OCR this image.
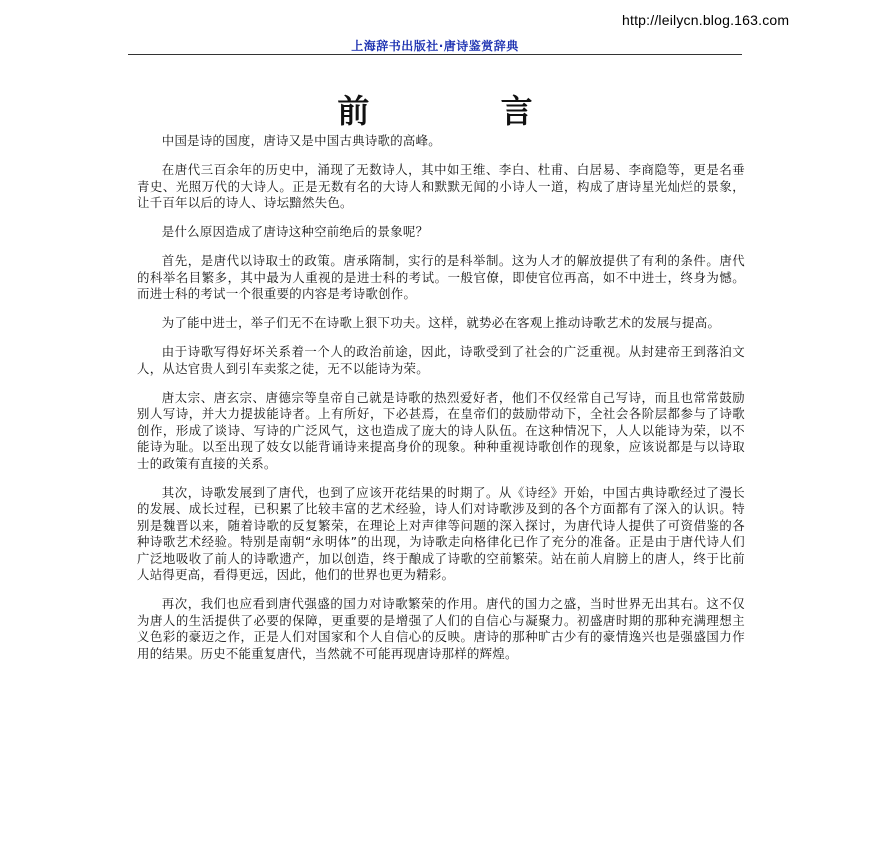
http://leilycn.blog.163.com
上海辞书出版社·唐诗鉴赏辞典
前 言

中国是诗的国度，唐诗又是中国古典诗歌的高峰。

在唐代三百余年的历史中，涌现了无数诗人，其中如王维、李白、杜甫、白居易、李商隐等，更是名垂青史、光照万代的大诗人。正是无数有名的大诗人和默默无闻的小诗人一道，构成了唐诗星光灿烂的景象，让千百年以后的诗人、诗坛黯然失色。

是什么原因造成了唐诗这种空前绝后的景象呢？

首先，是唐代以诗取士的政策。唐承隋制，实行的是科举制。这为人才的解放提供了有利的条件。唐代的科举名目繁多，其中最为人重视的是进士科的考试。一般官僚，即使官位再高，如不中进士，终身为憾。而进士科的考试一个很重要的内容是考诗歌创作。

为了能中进士，举子们无不在诗歌上狠下功夫。这样，就势必在客观上推动诗歌艺术的发展与提高。

由于诗歌写得好坏关系着一个人的政治前途，因此，诗歌受到了社会的广泛重视。从封建帝王到落泊文人，从达官贵人到引车卖浆之徒，无不以能诗为荣。

唐太宗、唐玄宗、唐德宗等皇帝自己就是诗歌的热烈爱好者，他们不仅经常自己写诗，而且也常常鼓励别人写诗，并大力提拔能诗者。上有所好，下必甚焉，在皇帝们的鼓励带动下，全社会各阶层都参与了诗歌创作，形成了谈诗、写诗的广泛风气，这也造成了庞大的诗人队伍。在这种情况下，人人以能诗为荣，以不能诗为耻。以至出现了妓女以能背诵诗来提高身价的现象。种种重视诗歌创作的现象，应该说都是与以诗取士的政策有直接的关系。

其次，诗歌发展到了唐代，也到了应该开花结果的时期了。从《诗经》开始，中国古典诗歌经过了漫长的发展、成长过程，已积累了比较丰富的艺术经验，诗人们对诗歌涉及到的各个方面都有了深入的认识。特别是魏晋以来，随着诗歌的反复繁荣，在理论上对声律等问题的深入探讨，为唐代诗人提供了可资借鉴的各种诗歌艺术经验。特别是南朝“永明体”的出现，为诗歌走向格律化已作了充分的准备。正是由于唐代诗人们广泛地吸收了前人的诗歌遗产，加以创造，终于酿成了诗歌的空前繁荣。站在前人肩膀上的唐人，终于比前人站得更高，看得更远，因此，他们的世界也更为精彩。

再次，我们也应看到唐代强盛的国力对诗歌繁荣的作用。唐代的国力之盛，当时世界无出其右。这不仅为唐人的生活提供了必要的保障，更重要的是增强了人们的自信心与凝聚力。初盛唐时期的那种充满理想主义色彩的豪迈之作，正是人们对国家和个人自信心的反映。唐诗的那种旷古少有的豪情逸兴也是强盛国力作用的结果。历史不能重复唐代，当然就不可能再现唐诗那样的辉煌。
